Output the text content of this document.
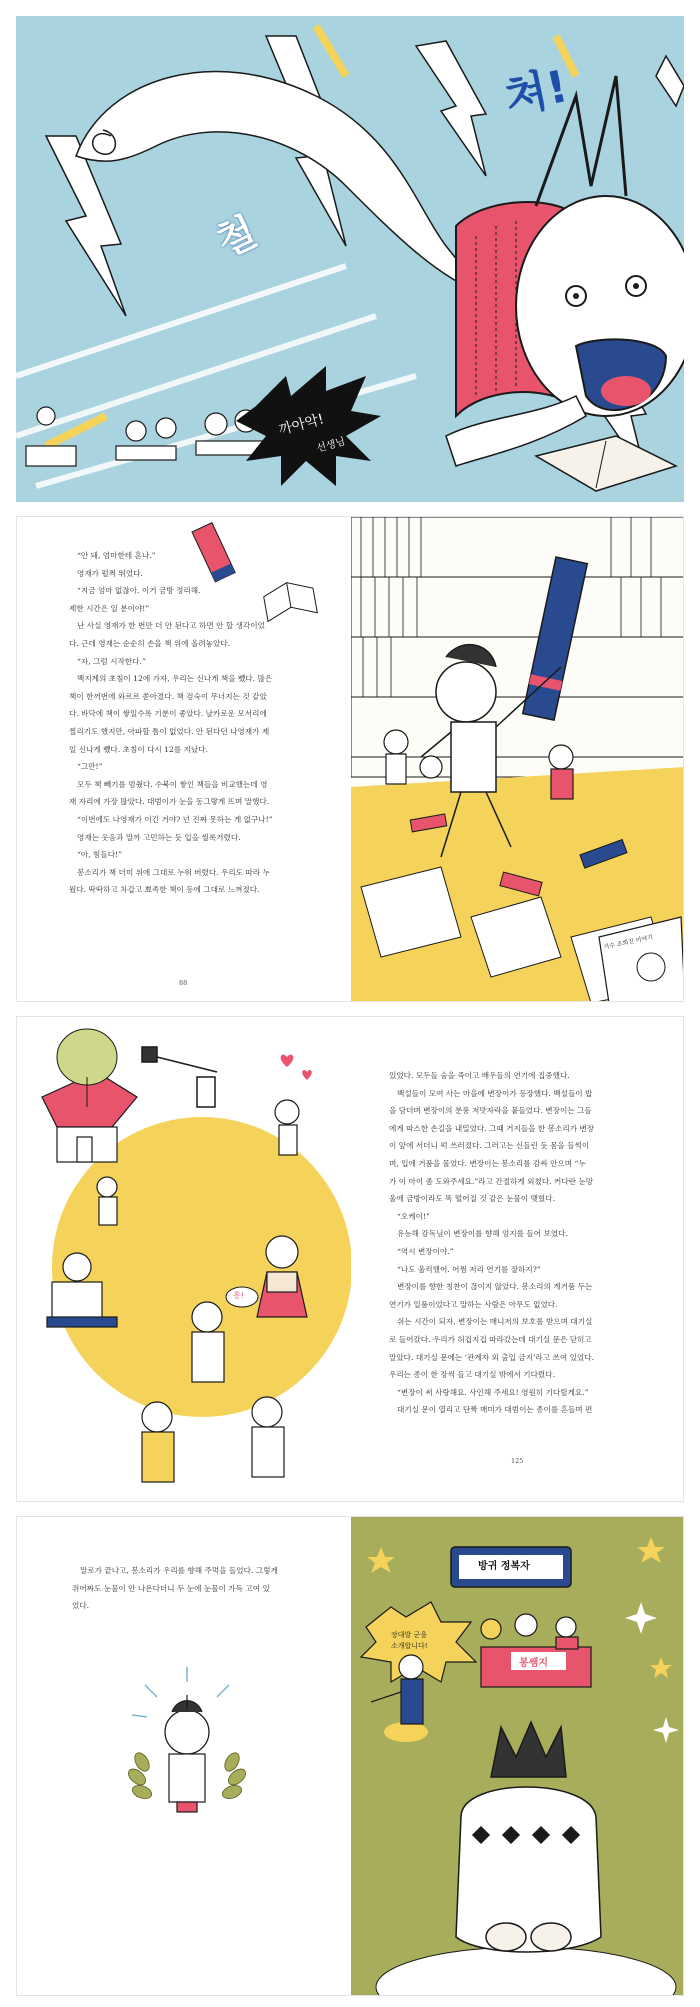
쳐!
철
까아악!
선생님

“안 돼, 엄마한테 혼나.”

영재가 펄쩍 뛰었다.

“지금 엄마 없잖아. 이거 금방 정리해.

제한 시간은 일 분이야!”

난 사실 영재가 한 번만 더 안 된다고 하면 안 할 생각이었

다. 근데 영재는 순순히 손을 책 위에 올려놓았다.

“자, 그럼 시작한다.”

백지계의 초침이 12에 가자, 우리는 신나게 책을 뺐다. 많은

책이 한꺼번에 와르르 쏟아졌다. 책 검숙이 무너지는 것 같았

다. 바닥에 책이 쌓일수록 기분이 좋았다. 날카로운 모서리에

찔리기도 했지만, 아파할 틈이 없었다. 안 된다던 나영재가 제

일 신나게 뺐다. 초침이 다시 12를 지났다.

“그만!”

모두 책 빼기를 멈췄다. 수북이 쌓인 책들을 비교했는데 영

재 자리에 가장 많았다. 대범이가 눈을 동그랗게 뜨며 말했다.

“이번에도 나영재가 이긴 거야? 넌 진짜 못하는 게 없구나!”

영재는 웃음과 말까 고민하는 듯 입을 씰룩거렸다.

“아, 힘들다!”

봉소리가 책 더미 위에 그대로 누워 버렸다. 우리도 따라 누

웠다. 딱딱하고 차갑고 뾰족한 책이 등에 그대로 느껴졌다.

88
가수 조희진 이야기
흥!

있었다. 모두들 숨을 죽이고 배우들의 연기에 집중했다.

백설들이 모여 사는 마을에 변장이가 등장했다. 백설들이 밥

을 담더며 변장이의 분풍 저맛자락을 붙들었다. 변장이는 그들

에게 따스한 손길을 내밀었다. 그때 거지들을 한 봉소리가 변장

이 앞에 서더니 퍽 쓰러졌다. 그러고는 신들린 듯 몸을 들썩이

며, 입에 거품을 물었다. 변장이는 봉소리를 감싸 안으며 “누

가 이 아이 좀 도와주세요.”라고 간절하게 외쳤다. 커다란 눈망

울에 금방이라도 똑 떨어질 것 같은 눈물이 맺혔다.

“오케이!”

유능해 감독님이 변장이를 향해 엄지를 들어 보였다.

“역시 변장이야.”

“나도 울컥했어. 어쩜 저리 연기를 잘하지?”

변장이를 향한 칭찬이 끊이지 않았다. 봉소리의 게거품 두는

연기가 일품이었다고 말하는 사람은 아무도 없었다.

쉬는 시간이 되자, 변장이는 매니저의 보호를 받으며 대기실

로 들어갔다. 우리가 허겁지겁 따라갔는데 대기실 문은 닫히고

말았다. 대기실 문에는 ‘관계자 외 출입 금지’라고 쓰여 있었다.

우리는 종이 한 장씩 들고 대기실 밖에서 기다렸다.

“변장이 써 사랑해요. 사인해 주세요! 영원히 기다릴게요.”

대기실 문이 열리고 단짝 매미가 대범이는 종이를 흔들며 편

125

말로가 끝나고, 봉소리가 우리를 향해 주먹을 들었다. 그렇게

쥐어짜도 눈물이 안 나온다더니 두 눈에 눈물이 가득 고여 있

었다.

방귀 정복자
장대발 군을
소개합니다!
봉쌤지
